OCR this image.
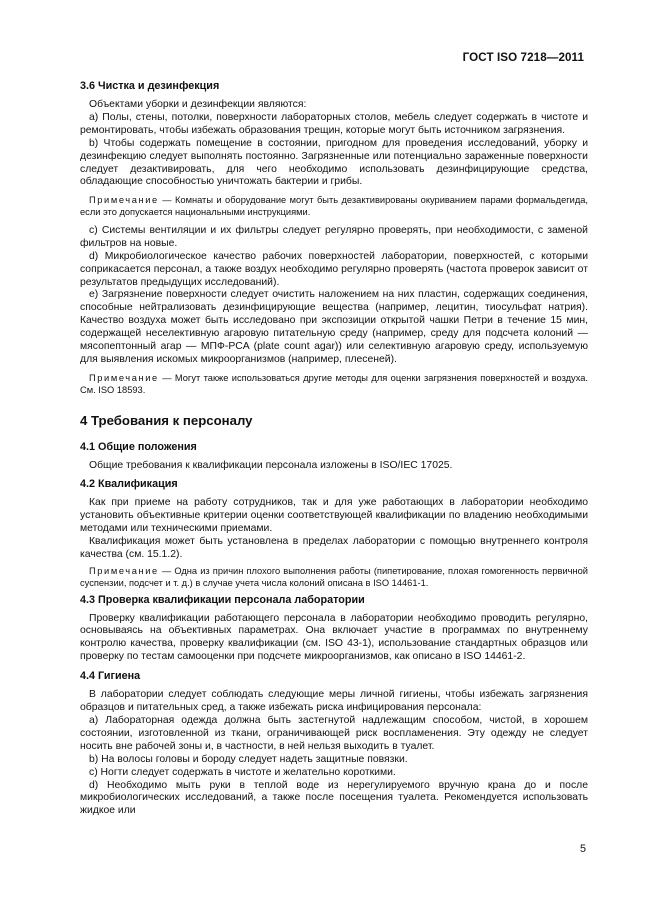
ГОСТ ISO 7218—2011

3.6 Чистка и дезинфекция

Объектами уборки и дезинфекции являются:

a) Полы, стены, потолки, поверхности лабораторных столов, мебель следует содержать в чистоте и ремонтировать, чтобы избежать образования трещин, которые могут быть источником загрязнения.

b) Чтобы содержать помещение в состоянии, пригодном для проведения исследований, уборку и дезинфекцию следует выполнять постоянно. Загрязненные или потенциально зараженные поверхности следует дезактивировать, для чего необходимо использовать дезинфицирующие средства, обладающие способностью уничтожать бактерии и грибы.

Примечание — Комнаты и оборудование могут быть дезактивированы окуриванием парами формальдегида, если это допускается национальными инструкциями.

c) Системы вентиляции и их фильтры следует регулярно проверять, при необходимости, с заменой фильтров на новые.

d) Микробиологическое качество рабочих поверхностей лаборатории, поверхностей, с которыми соприкасается персонал, а также воздух необходимо регулярно проверять (частота проверок зависит от результатов предыдущих исследований).

e) Загрязнение поверхности следует очистить наложением на них пластин, содержащих соединения, способные нейтрализовать дезинфицирующие вещества (например, лецитин, тиосульфат натрия). Качество воздуха может быть исследовано при экспозиции открытой чашки Петри в течение 15 мин, содержащей неселективную агаровую питательную среду (например, среду для подсчета колоний — мясопептонный агар — МПФ-PCA (plate count agar)) или селективную агаровую среду, используемую для выявления искомых микроорганизмов (например, плесеней).

Примечание — Могут также использоваться другие методы для оценки загрязнения поверхностей и воздуха. См. ISO 18593.

4 Требования к персоналу

4.1 Общие положения

Общие требования к квалификации персонала изложены в ISO/IEC 17025.

4.2 Квалификация

Как при приеме на работу сотрудников, так и для уже работающих в лаборатории необходимо установить объективные критерии оценки соответствующей квалификации по владению необходимыми методами или техническими приемами.

Квалификация может быть установлена в пределах лаборатории с помощью внутреннего контроля качества (см. 15.1.2).

Примечание — Одна из причин плохого выполнения работы (пипетирование, плохая гомогенность первичной суспензии, подсчет и т. д.) в случае учета числа колоний описана в ISO 14461-1.

4.3 Проверка квалификации персонала лаборатории

Проверку квалификации работающего персонала в лаборатории необходимо проводить регулярно, основываясь на объективных параметрах. Она включает участие в программах по внутреннему контролю качества, проверку квалификации (см. ISO 43-1), использование стандартных образцов или проверку по тестам самооценки при подсчете микроорганизмов, как описано в ISO 14461-2.

4.4 Гигиена

В лаборатории следует соблюдать следующие меры личной гигиены, чтобы избежать загрязнения образцов и питательных сред, а также избежать риска инфицирования персонала:

a) Лабораторная одежда должна быть застегнутой надлежащим способом, чистой, в хорошем состоянии, изготовленной из ткани, ограничивающей риск воспламенения. Эту одежду не следует носить вне рабочей зоны и, в частности, в ней нельзя выходить в туалет.

b) На волосы головы и бороду следует надеть защитные повязки.

c) Ногти следует содержать в чистоте и желательно короткими.

d) Необходимо мыть руки в теплой воде из нерегулируемого вручную крана до и после микробиологических исследований, а также после посещения туалета. Рекомендуется использовать жидкое или

5
